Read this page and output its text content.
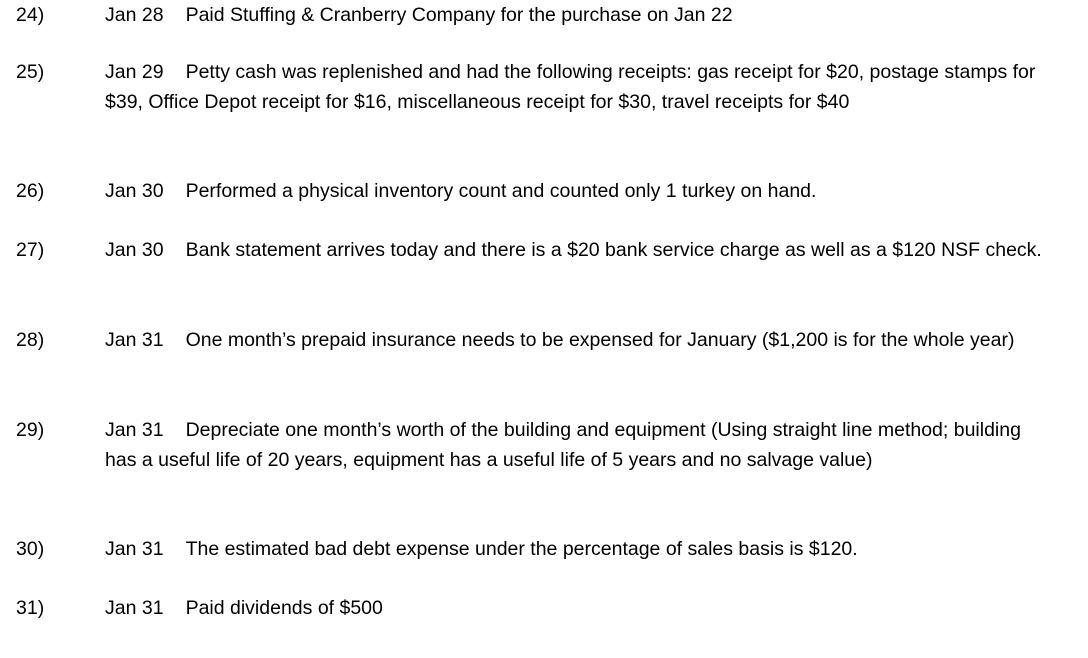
24)	Jan 28 Paid Stuffing & Cranberry Company for the purchase on Jan 22
25)	Jan 29 Petty cash was replenished and had the following receipts: gas receipt for $20, postage stamps for $39, Office Depot receipt for $16, miscellaneous receipt for $30, travel receipts for $40
26)	Jan 30 Performed a physical inventory count and counted only 1 turkey on hand.
27)	Jan 30 Bank statement arrives today and there is a $20 bank service charge as well as a $120 NSF check.
28)	Jan 31 One month’s prepaid insurance needs to be expensed for January ($1,200 is for the whole year)
29)	Jan 31 Depreciate one month’s worth of the building and equipment (Using straight line method; building has a useful life of 20 years, equipment has a useful life of 5 years and no salvage value)
30)	Jan 31 The estimated bad debt expense under the percentage of sales basis is $120.
31)	Jan 31 Paid dividends of $500
